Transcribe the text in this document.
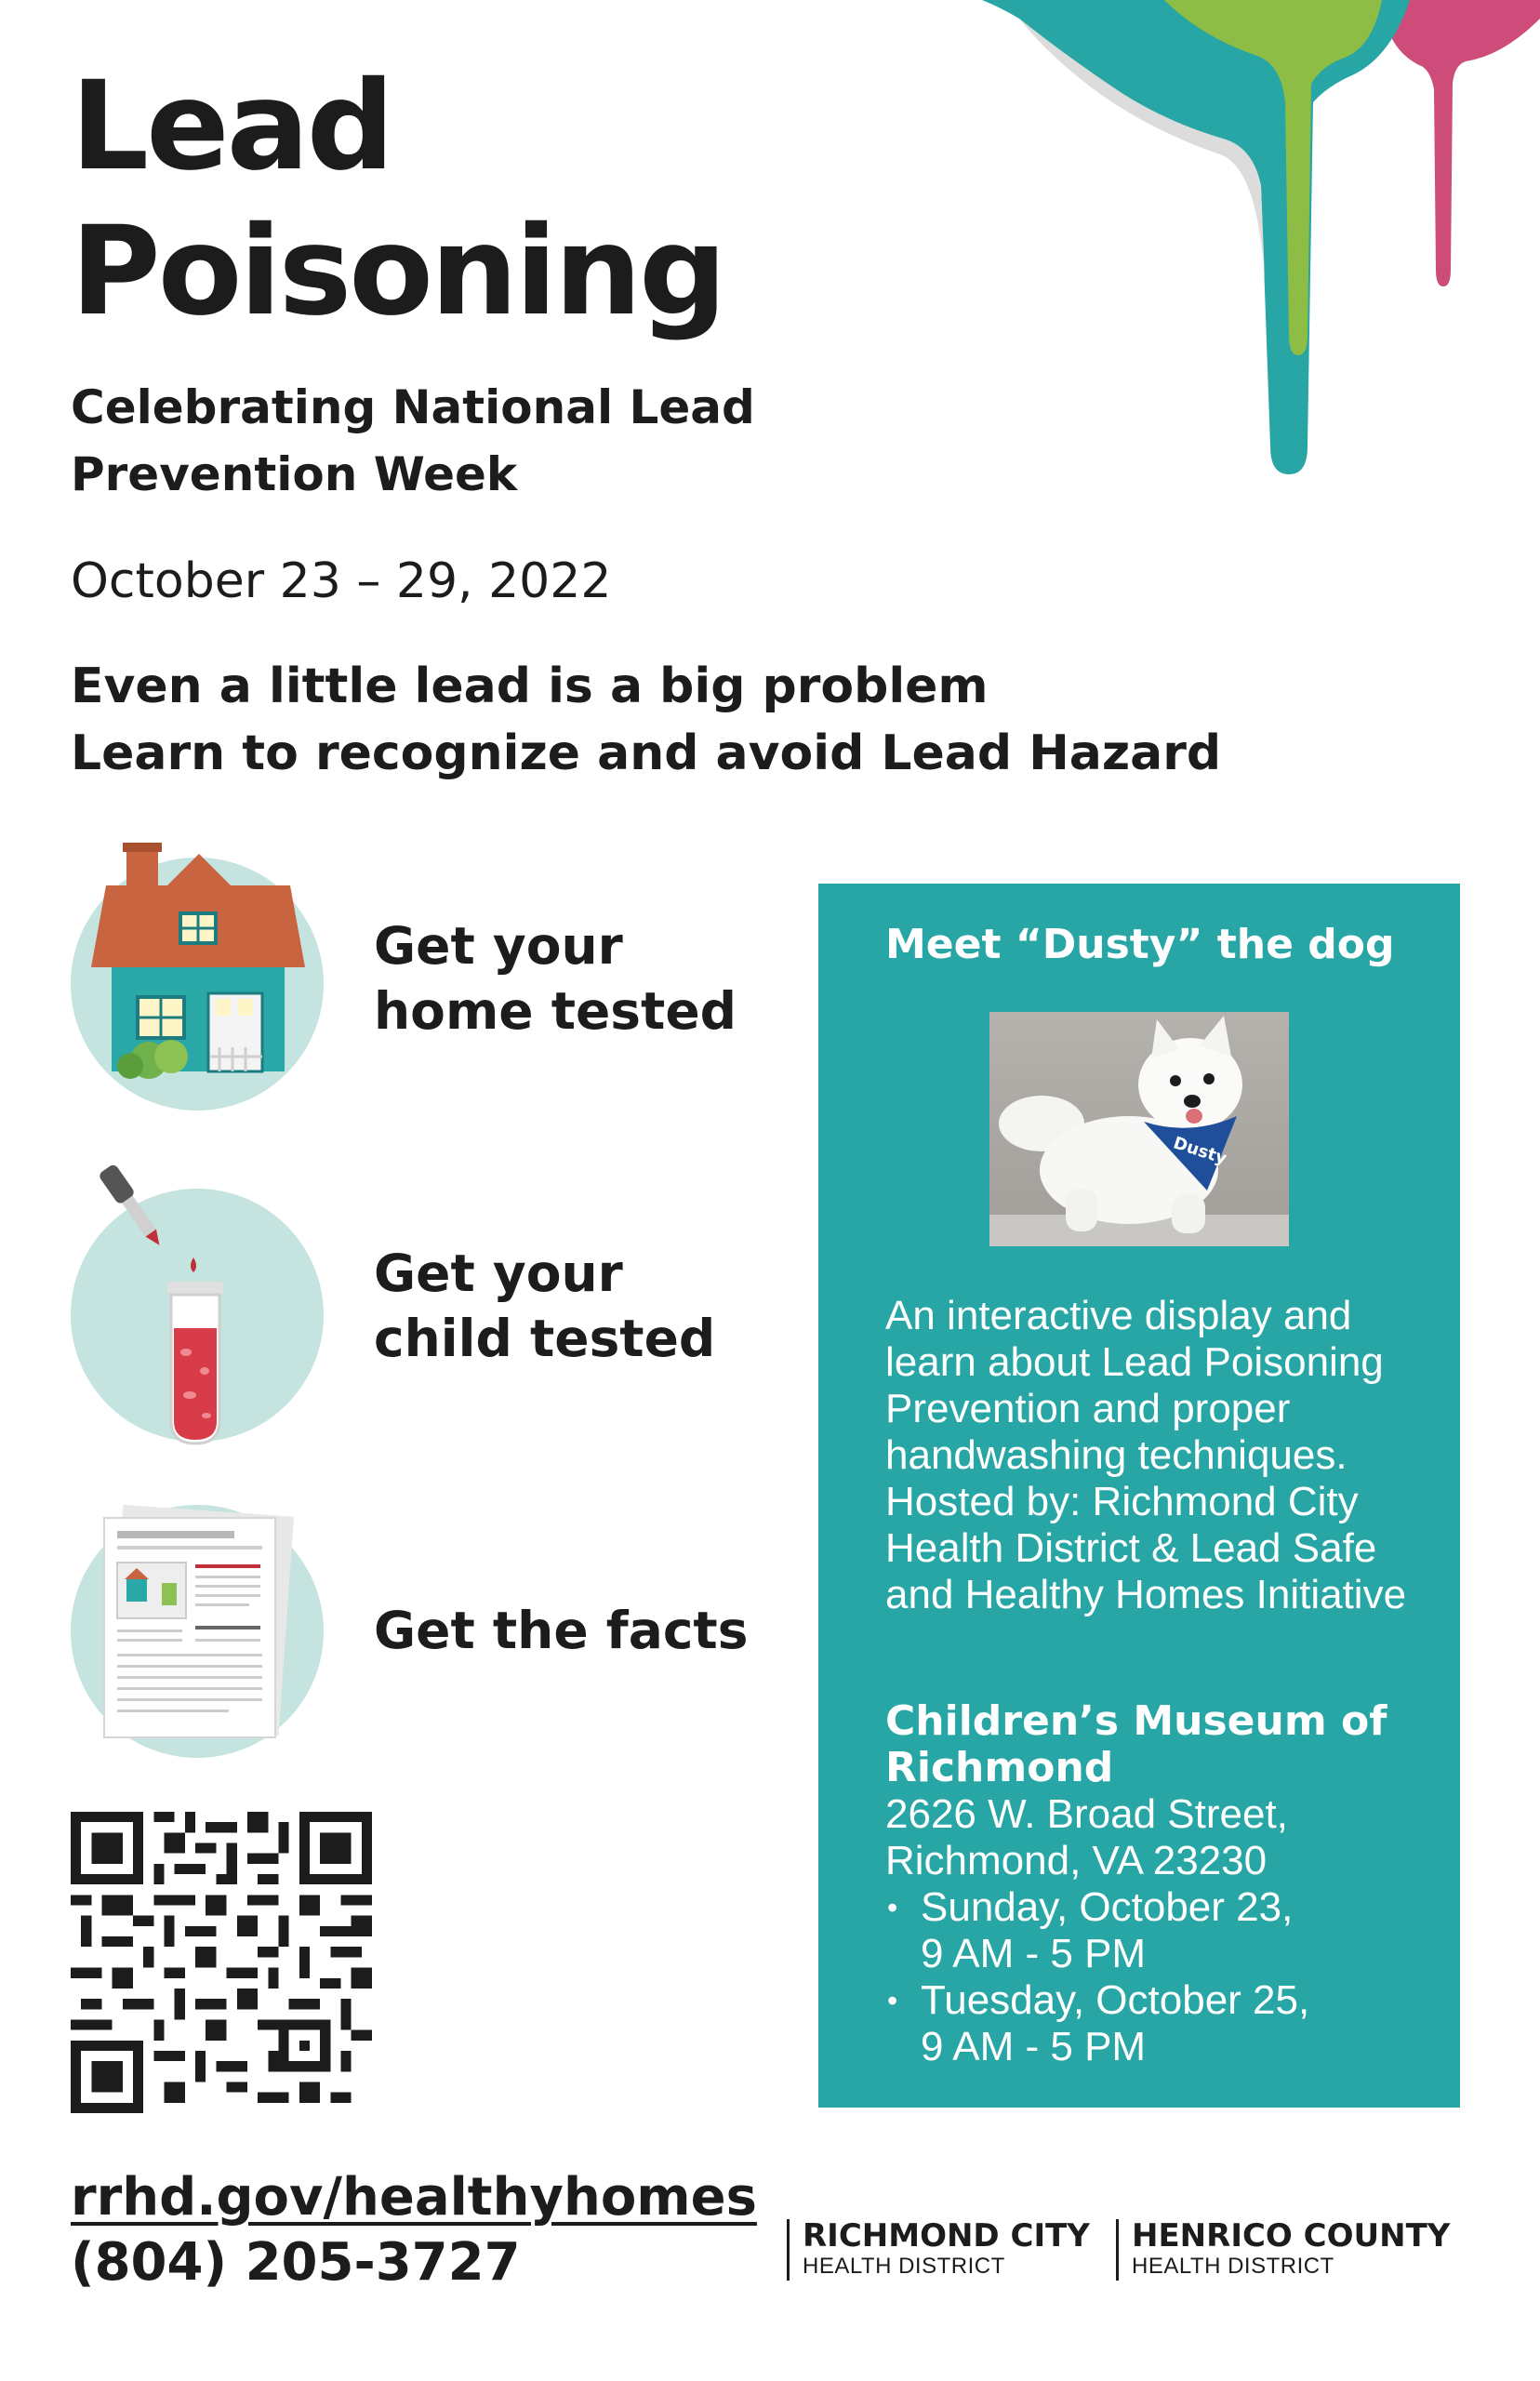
Lead
Poisoning
Celebrating National Lead Prevention Week
October 23 – 29, 2022
Even a little lead is a big problem
Learn to recognize and avoid Lead Hazard
Get your
home tested
Get your
child tested
Get the facts
Meet “Dusty” the dog
Dusty
An interactive display and learn about Lead Poisoning Prevention and proper handwashing techniques. Hosted by: Richmond City Health District & Lead Safe and Healthy Homes Initiative
Children’s Museum of Richmond
2626 W. Broad Street,
Richmond, VA 23230
• Sunday, October 23,
9 AM - 5 PM
• Tuesday, October 25,
9 AM - 5 PM
rrhd.gov/healthyhomes
(804) 205-3727	RICHMOND CITY
HEALTH DISTRICT
HENRICO COUNTY
HEALTH DISTRICT
